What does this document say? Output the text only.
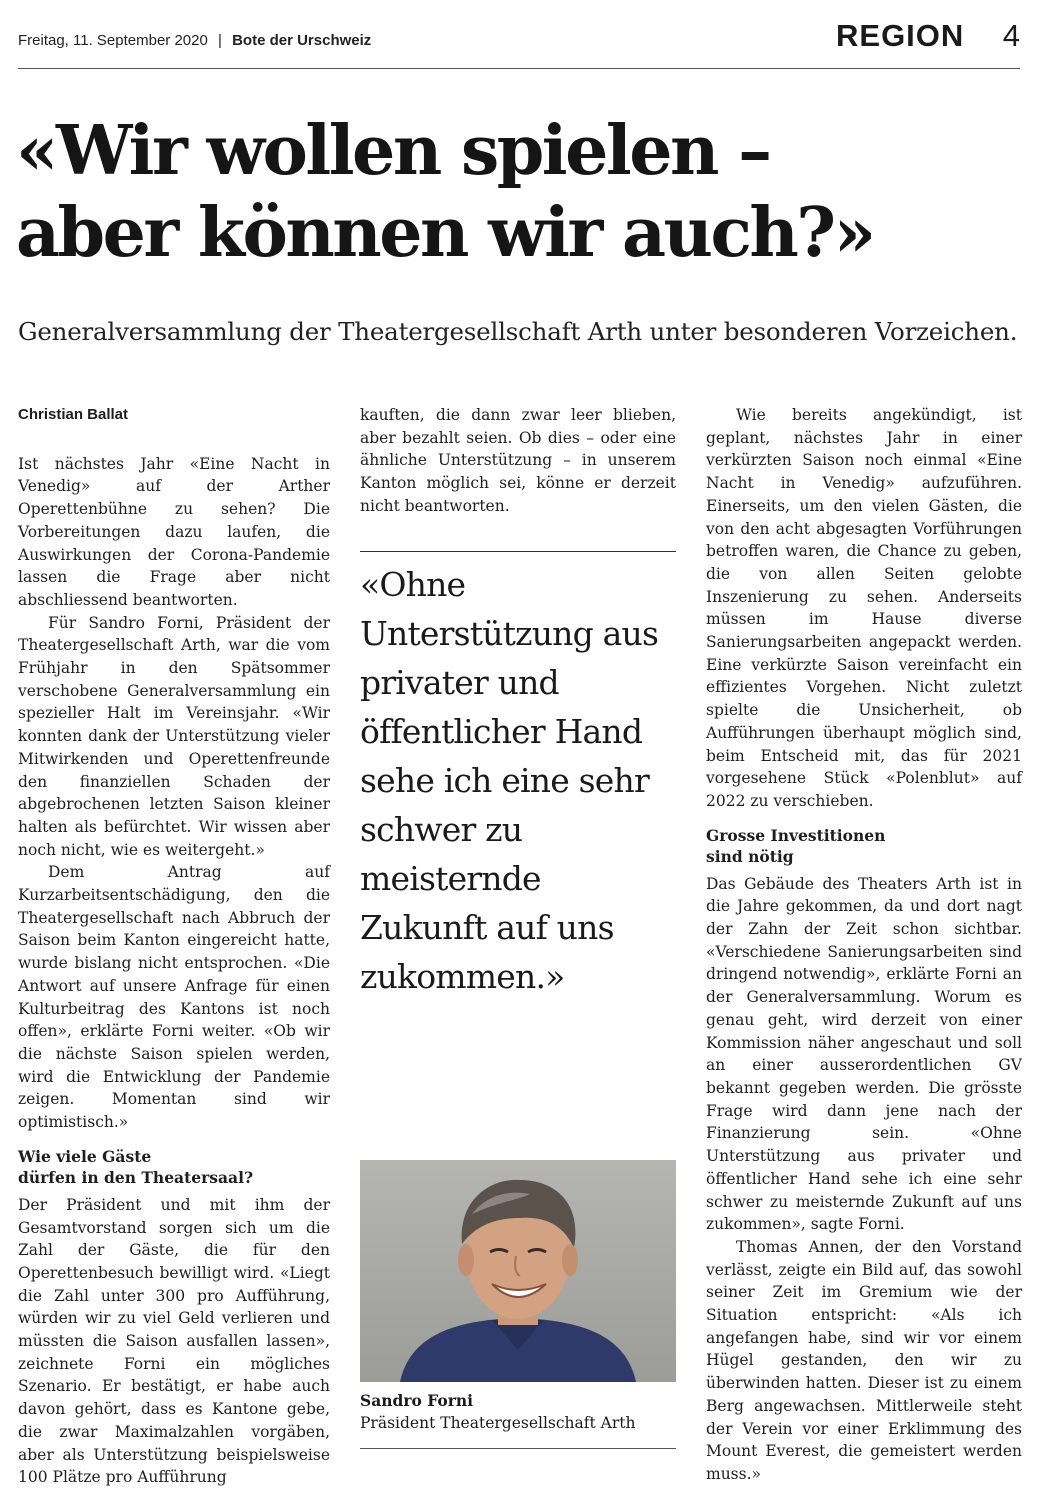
Freitag, 11. September 2020 | Bote der Urschweiz	REGION 4
«Wir wollen spielen –
aber können wir auch?»

Generalversammlung der Theatergesellschaft Arth unter besonderen Vorzeichen.

Christian Ballat

Ist nächstes Jahr «Eine Nacht in Venedig» auf der Arther Operettenbühne zu sehen? Die Vorbereitungen dazu laufen, die Auswirkungen der Corona-Pandemie lassen die Frage aber nicht abschliessend beantworten.

Für Sandro Forni, Präsident der Theatergesellschaft Arth, war die vom Frühjahr in den Spätsommer verschobene Generalversammlung ein spezieller Halt im Vereinsjahr. «Wir konnten dank der Unterstützung vieler Mitwirkenden und Operettenfreunde den finanziellen Schaden der abgebrochenen letzten Saison kleiner halten als befürchtet. Wir wissen aber noch nicht, wie es weitergeht.»

Dem Antrag auf Kurzarbeitsentschädigung, den die Theatergesellschaft nach Abbruch der Saison beim Kanton eingereicht hatte, wurde bislang nicht entsprochen. «Die Antwort auf unsere Anfrage für einen Kulturbeitrag des Kantons ist noch offen», erklärte Forni weiter. «Ob wir die nächste Saison spielen werden, wird die Entwicklung der Pandemie zeigen. Momentan sind wir optimistisch.»

Wie viele Gäste
dürfen in den Theatersaal?

Der Präsident und mit ihm der Gesamtvorstand sorgen sich um die Zahl der Gäste, die für den Operettenbesuch bewilligt wird. «Liegt die Zahl unter 300 pro Aufführung, würden wir zu viel Geld verlieren und müssten die Saison ausfallen lassen», zeichnete Forni ein mögliches Szenario. Er bestätigt, er habe auch davon gehört, dass es Kantone gebe, die zwar Maximalzahlen vorgäben, aber als Unterstützung beispielsweise 100 Plätze pro Aufführung

kauften, die dann zwar leer blieben, aber bezahlt seien. Ob dies – oder eine ähnliche Unterstützung – in unserem Kanton möglich sei, könne er derzeit nicht beantworten.

«Ohne Unterstützung aus privater und öffentlicher Hand sehe ich eine sehr schwer zu meisternde Zukunft auf uns zukommen.»

Sandro Forni
Präsident Theatergesellschaft Arth

Wie bereits angekündigt, ist geplant, nächstes Jahr in einer verkürzten Saison noch einmal «Eine Nacht in Venedig» aufzuführen. Einerseits, um den vielen Gästen, die von den acht abgesagten Vorführungen betroffen waren, die Chance zu geben, die von allen Seiten gelobte Inszenierung zu sehen. Anderseits müssen im Hause diverse Sanierungsarbeiten angepackt werden. Eine verkürzte Saison vereinfacht ein effizientes Vorgehen. Nicht zuletzt spielte die Unsicherheit, ob Aufführungen überhaupt möglich sind, beim Entscheid mit, das für 2021 vorgesehene Stück «Polenblut» auf 2022 zu verschieben.

Grosse Investitionen
sind nötig

Das Gebäude des Theaters Arth ist in die Jahre gekommen, da und dort nagt der Zahn der Zeit schon sichtbar. «Verschiedene Sanierungsarbeiten sind dringend notwendig», erklärte Forni an der Generalversammlung. Worum es genau geht, wird derzeit von einer Kommission näher angeschaut und soll an einer ausserordentlichen GV bekannt gegeben werden. Die grösste Frage wird dann jene nach der Finanzierung sein. «Ohne Unterstützung aus privater und öffentlicher Hand sehe ich eine sehr schwer zu meisternde Zukunft auf uns zukommen», sagte Forni.

Thomas Annen, der den Vorstand verlässt, zeigte ein Bild auf, das sowohl seiner Zeit im Gremium wie der Situation entspricht: «Als ich angefangen habe, sind wir vor einem Hügel gestanden, den wir zu überwinden hatten. Dieser ist zu einem Berg angewachsen. Mittlerweile steht der Verein vor einer Erklimmung des Mount Everest, die gemeistert werden muss.»
